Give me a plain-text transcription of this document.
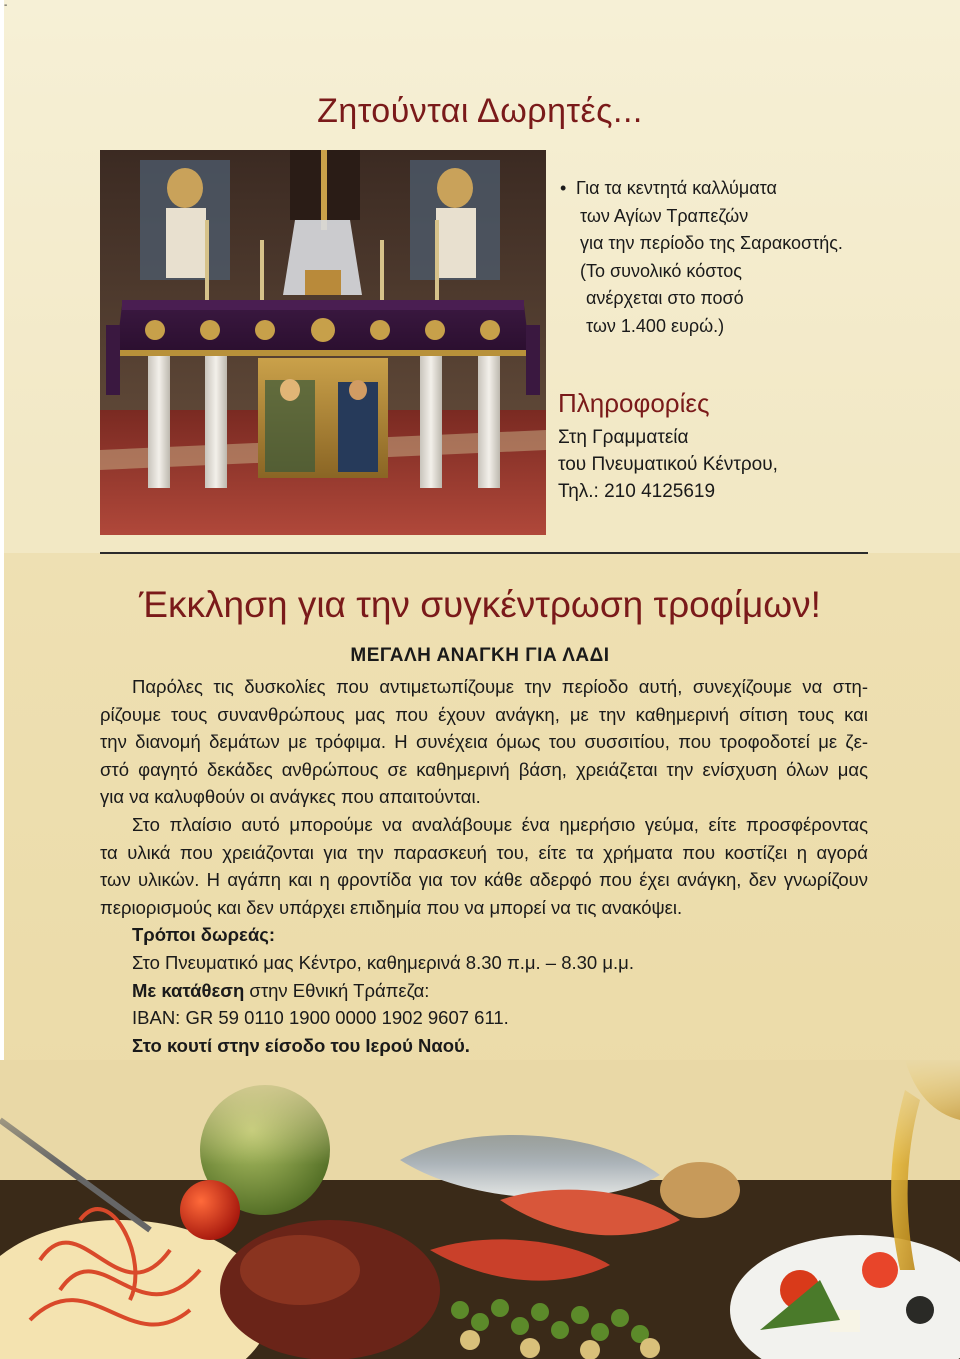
-
Ζητούνται Δωρητές...
• Για τα κεντητά καλλύματα
των Αγίων Τραπεζών
για την περίοδο της Σαρακοστής.
(Το συνολικό κόστος
ανέρχεται στο ποσό
των 1.400 ευρώ.)
Πληροφορίες
Στη Γραμματεία
του Πνευματικού Κέντρου,
Τηλ.: 210 4125619
Έκκληση για την συγκέντρωση τροφίμων!
ΜΕΓΑΛΗ ΑΝΑΓΚΗ ΓΙΑ ΛΑΔΙ
Παρόλες τις δυσκολίες που αντιμετωπίζουμε την περίοδο αυτή, συνεχίζουμε να στη-
ρίζουμε τους συνανθρώπους μας που έχουν ανάγκη, με την καθημερινή σίτιση τους και
την διανομή δεμάτων με τρόφιμα. Η συνέχεια όμως του συσσιτίου, που τροφοδοτεί με ζε-
στό φαγητό δεκάδες ανθρώπους σε καθημερινή βάση, χρειάζεται την ενίσχυση όλων μας
για να καλυφθούν οι ανάγκες που απαιτούνται.
Στο πλαίσιο αυτό μπορούμε να αναλάβουμε ένα ημερήσιο γεύμα, είτε προσφέροντας
τα υλικά που χρειάζονται για την παρασκευή του, είτε τα χρήματα που κοστίζει η αγορά
των υλικών. Η αγάπη και η φροντίδα για τον κάθε αδερφό που έχει ανάγκη, δεν γνωρίζουν
περιορισμούς και δεν υπάρχει επιδημία που να μπορεί να τις ανακόψει.
Τρόποι δωρεάς:
Στο Πνευματικό μας Κέντρο, καθημερινά 8.30 π.μ. – 8.30 μ.μ.
Με κατάθεση στην Εθνική Τράπεζα:
IBAN: GR 59 0110 1900 0000 1902 9607 611.
Στο κουτί στην είσοδο του Ιερού Ναού.
